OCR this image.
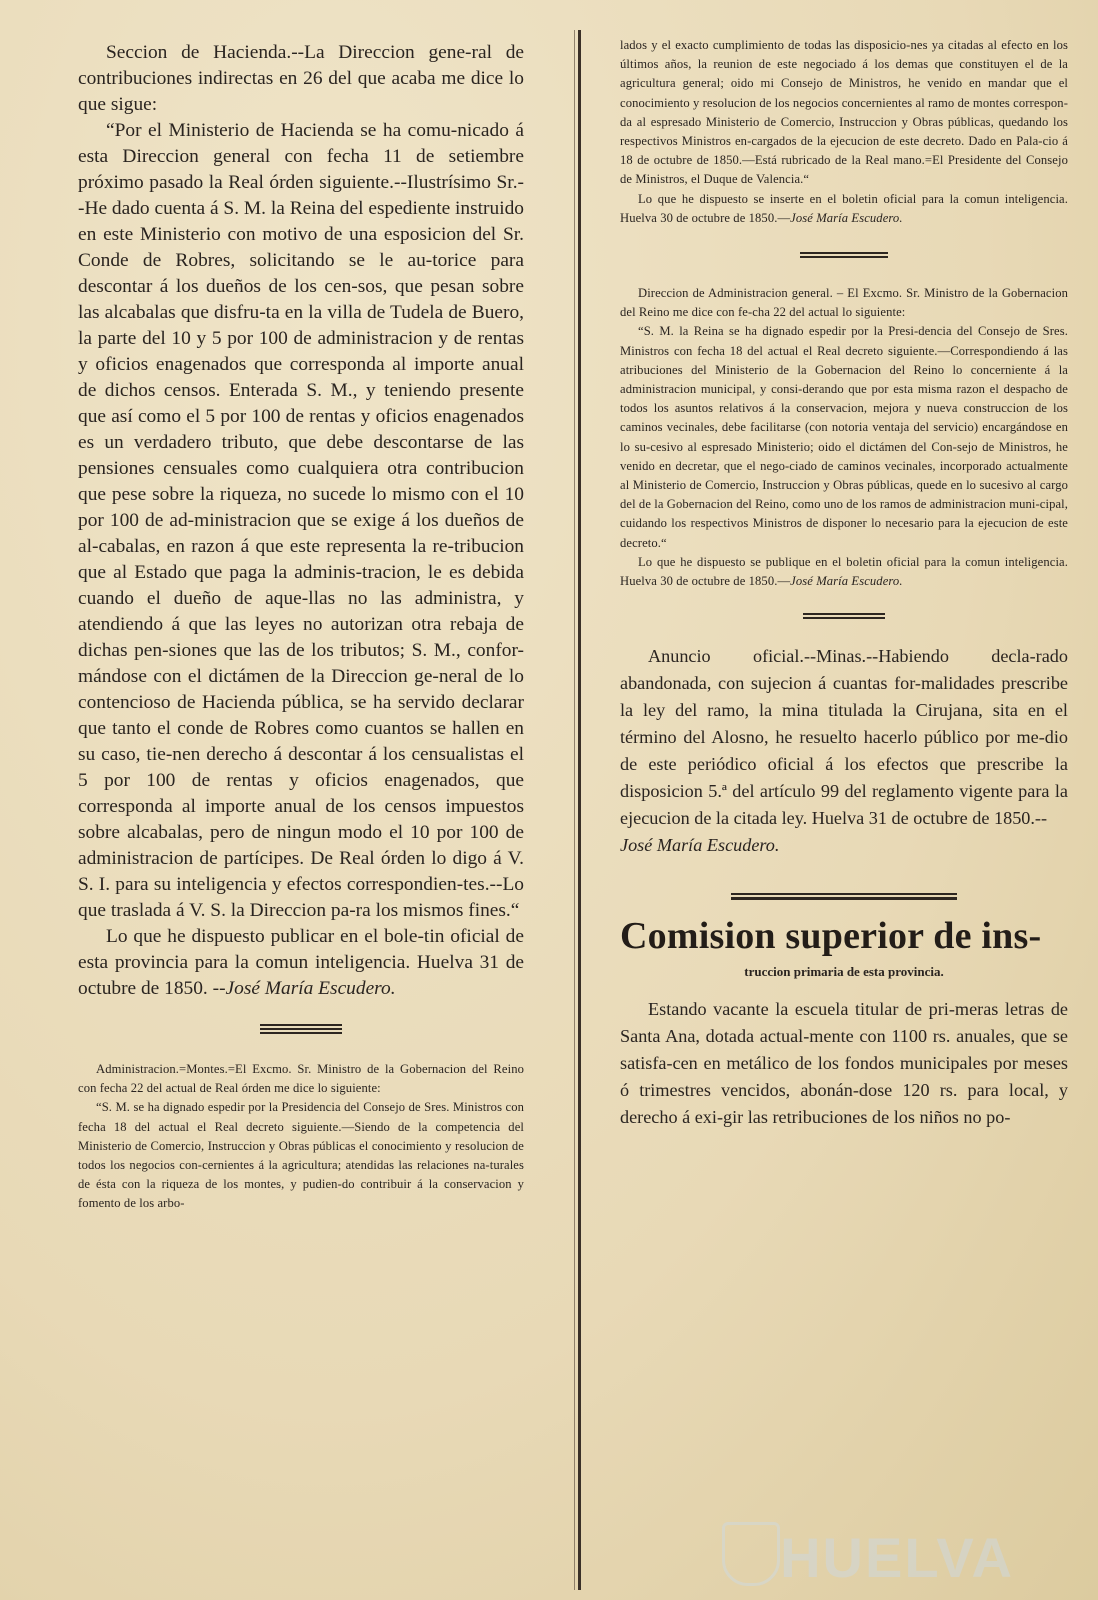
Seccion de Hacienda.--La Direccion gene-ral de contribuciones indirectas en 26 del que acaba me dice lo que sigue:

“Por el Ministerio de Hacienda se ha comu-nicado á esta Direccion general con fecha 11 de setiembre próximo pasado la Real órden siguiente.--Ilustrísimo Sr.--He dado cuenta á S. M. la Reina del espediente instruido en este Ministerio con motivo de una esposicion del Sr. Conde de Robres, solicitando se le au-torice para descontar á los dueños de los cen-sos, que pesan sobre las alcabalas que disfru-ta en la villa de Tudela de Buero, la parte del 10 y 5 por 100 de administracion y de rentas y oficios enagenados que corresponda al importe anual de dichos censos. Enterada S. M., y teniendo presente que así como el 5 por 100 de rentas y oficios enagenados es un verdadero tributo, que debe descontarse de las pensiones censuales como cualquiera otra contribucion que pese sobre la riqueza, no sucede lo mismo con el 10 por 100 de ad-ministracion que se exige á los dueños de al-cabalas, en razon á que este representa la re-tribucion que al Estado que paga la adminis-tracion, le es debida cuando el dueño de aque-llas no las administra, y atendiendo á que las leyes no autorizan otra rebaja de dichas pen-siones que las de los tributos; S. M., confor-mándose con el dictámen de la Direccion ge-neral de lo contencioso de Hacienda pública, se ha servido declarar que tanto el conde de Robres como cuantos se hallen en su caso, tie-nen derecho á descontar á los censualistas el 5 por 100 de rentas y oficios enagenados, que corresponda al importe anual de los censos impuestos sobre alcabalas, pero de ningun modo el 10 por 100 de administracion de partícipes. De Real órden lo digo á V. S. I. para su inteligencia y efectos correspondien-tes.--Lo que traslada á V. S. la Direccion pa-ra los mismos fines.“

Lo que he dispuesto publicar en el bole-tin oficial de esta provincia para la comun inteligencia. Huelva 31 de octubre de 1850. --José María Escudero.

Administracion.=Montes.=El Excmo. Sr. Ministro de la Gobernacion del Reino con fecha 22 del actual de Real órden me dice lo siguiente:

“S. M. se ha dignado espedir por la Presidencia del Consejo de Sres. Ministros con fecha 18 del actual el Real decreto siguiente.—Siendo de la competencia del Ministerio de Comercio, Instruccion y Obras públicas el conocimiento y resolucion de todos los negocios con-cernientes á la agricultura; atendidas las relaciones na-turales de ésta con la riqueza de los montes, y pudien-do contribuir á la conservacion y fomento de los arbo-

lados y el exacto cumplimiento de todas las disposicio-nes ya citadas al efecto en los últimos años, la reunion de este negociado á los demas que constituyen el de la agricultura general; oido mi Consejo de Ministros, he venido en mandar que el conocimiento y resolucion de los negocios concernientes al ramo de montes correspon-da al espresado Ministerio de Comercio, Instruccion y Obras públicas, quedando los respectivos Ministros en-cargados de la ejecucion de este decreto. Dado en Pala-cio á 18 de octubre de 1850.—Está rubricado de la Real mano.=El Presidente del Consejo de Ministros, el Duque de Valencia.“

Lo que he dispuesto se inserte en el boletin oficial para la comun inteligencia. Huelva 30 de octubre de 1850.—José María Escudero.

Direccion de Administracion general. – El Excmo. Sr. Ministro de la Gobernacion del Reino me dice con fe-cha 22 del actual lo siguiente:

“S. M. la Reina se ha dignado espedir por la Presi-dencia del Consejo de Sres. Ministros con fecha 18 del actual el Real decreto siguiente.—Correspondiendo á las atribuciones del Ministerio de la Gobernacion del Reino lo concerniente á la administracion municipal, y consi-derando que por esta misma razon el despacho de todos los asuntos relativos á la conservacion, mejora y nueva construccion de los caminos vecinales, debe facilitarse (con notoria ventaja del servicio) encargándose en lo su-cesivo al espresado Ministerio; oido el dictámen del Con-sejo de Ministros, he venido en decretar, que el nego-ciado de caminos vecinales, incorporado actualmente al Ministerio de Comercio, Instruccion y Obras públicas, quede en lo sucesivo al cargo del de la Gobernacion del Reino, como uno de los ramos de administracion muni-cipal, cuidando los respectivos Ministros de disponer lo necesario para la ejecucion de este decreto.“

Lo que he dispuesto se publique en el boletin oficial para la comun inteligencia. Huelva 30 de octubre de 1850.—José María Escudero.

Anuncio oficial.--Minas.--Habiendo decla-rado abandonada, con sujecion á cuantas for-malidades prescribe la ley del ramo, la mina titulada la Cirujana, sita en el término del Alosno, he resuelto hacerlo público por me-dio de este periódico oficial á los efectos que prescribe la disposicion 5.ª del artículo 99 del reglamento vigente para la ejecucion de la citada ley. Huelva 31 de octubre de 1850.--

José María Escudero.

Comision superior de ins-
truccion primaria de esta provincia.

Estando vacante la escuela titular de pri-meras letras de Santa Ana, dotada actual-mente con 1100 rs. anuales, que se satisfa-cen en metálico de los fondos municipales por meses ó trimestres vencidos, abonán-dose 120 rs. para local, y derecho á exi-gir las retribuciones de los niños no po-

HUELVA
